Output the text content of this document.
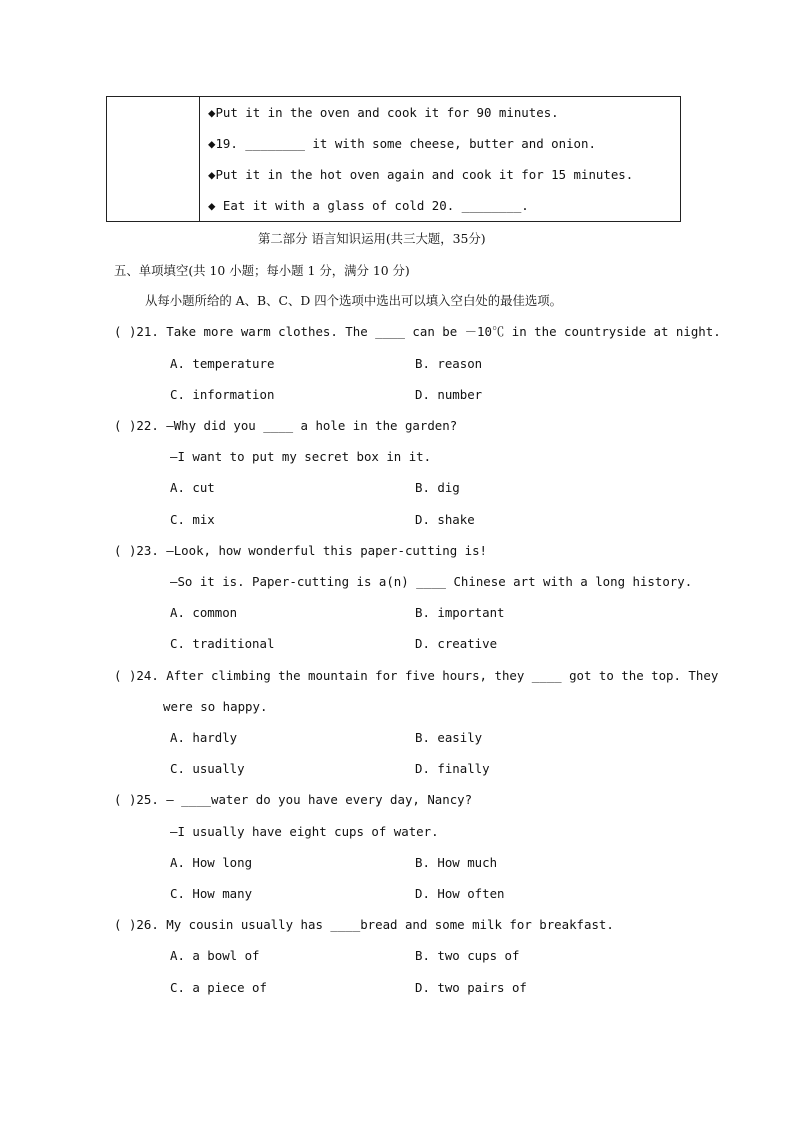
◆Put it in the oven and cook it for 90 minutes.
◆19. ________ it with some cheese, butter and onion.
◆Put it in the hot oven again and cook it for 15 minutes.
◆ Eat it with a glass of cold 20. ________.
第二部分 语言知识运用(共三大题，35分)
五、单项填空(共 10 小题；每小题 1 分，满分 10 分)
从每小题所给的 A、B、C、D 四个选项中选出可以填入空白处的最佳选项。
( )21. Take more warm clothes. The ____ can be －10℃ in the countryside at night.
A. temperature	B. reason
C. information	D. number
( )22. —Why did you ____ a hole in the garden?
—I want to put my secret box in it.
A. cut	B. dig
C. mix	D. shake
( )23. —Look, how wonderful this paper-cutting is!
—So it is. Paper-cutting is a(n) ____ Chinese art with a long history.
A. common	B. important
C. traditional	D. creative
( )24. After climbing the mountain for five hours, they ____ got to the top. They
were so happy.
A. hardly	B. easily
C. usually	D. finally
( )25. — ____water do you have every day, Nancy?
—I usually have eight cups of water.
A. How long	B. How much
C. How many	D. How often
( )26. My cousin usually has ____bread and some milk for breakfast.
A. a bowl of	B. two cups of
C. a piece of	D. two pairs of
